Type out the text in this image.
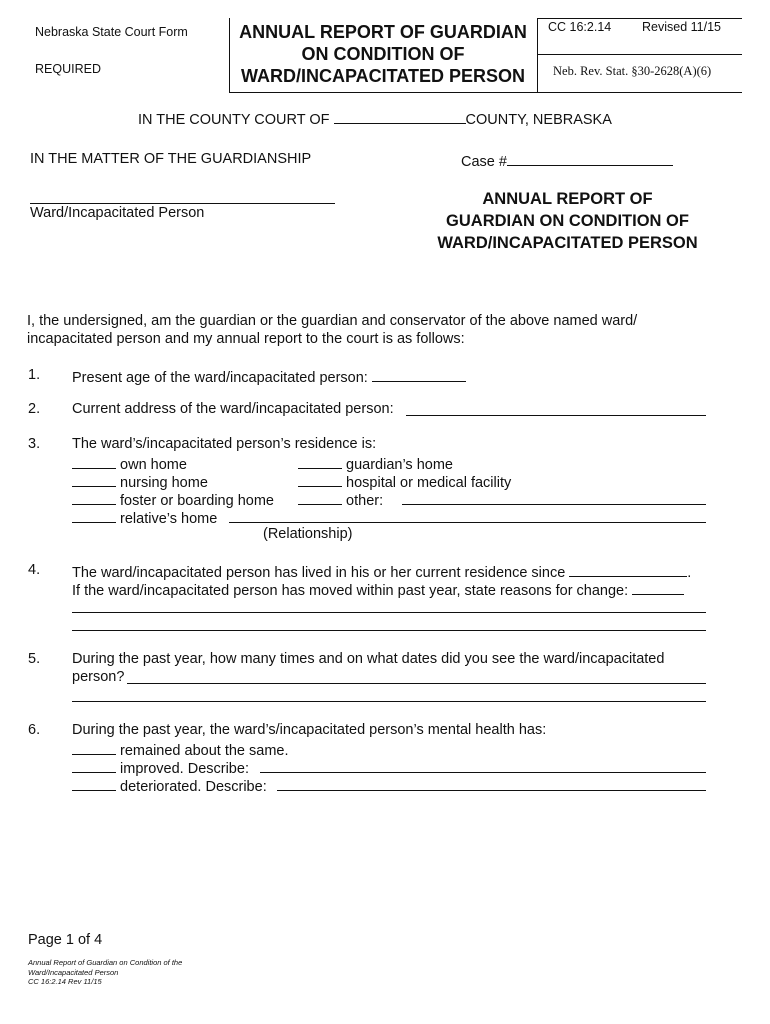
Nebraska State Court Form
REQUIRED
ANNUAL REPORT OF GUARDIAN
ON CONDITION OF
WARD/INCAPACITATED PERSON
CC 16:2.14 Revised 11/15
Neb. Rev. Stat. §30-2628(A)(6)
IN THE COUNTY COURT OF	COUNTY, NEBRASKA
IN THE MATTER OF THE GUARDIANSHIP	Case #
Ward/Incapacitated Person
ANNUAL REPORT OF
GUARDIAN ON CONDITION OF
WARD/INCAPACITATED PERSON
I, the undersigned, am the guardian or the guardian and conservator of the above named ward/
incapacitated person and my annual report to the court is as follows:
1. Present age of the ward/incapacitated person:
2. Current address of the ward/incapacitated person:
3. The ward’s/incapacitated person’s residence is:
own home	guardian’s home
nursing home	hospital or medical facility
foster or boarding home	other:
relative’s home
(Relationship)
4. The ward/incapacitated person has lived in his or her current residence since	.
If the ward/incapacitated person has moved within past year, state reasons for change:
5. During the past year, how many times and on what dates did you see the ward/incapacitated
person?
6. During the past year, the ward’s/incapacitated person’s mental health has:
remained about the same.
improved. Describe:
deteriorated. Describe:
Page 1 of 4
Annual Report of Guardian on Condition of the
Ward/Incapacitated Person
CC 16:2.14 Rev 11/15
